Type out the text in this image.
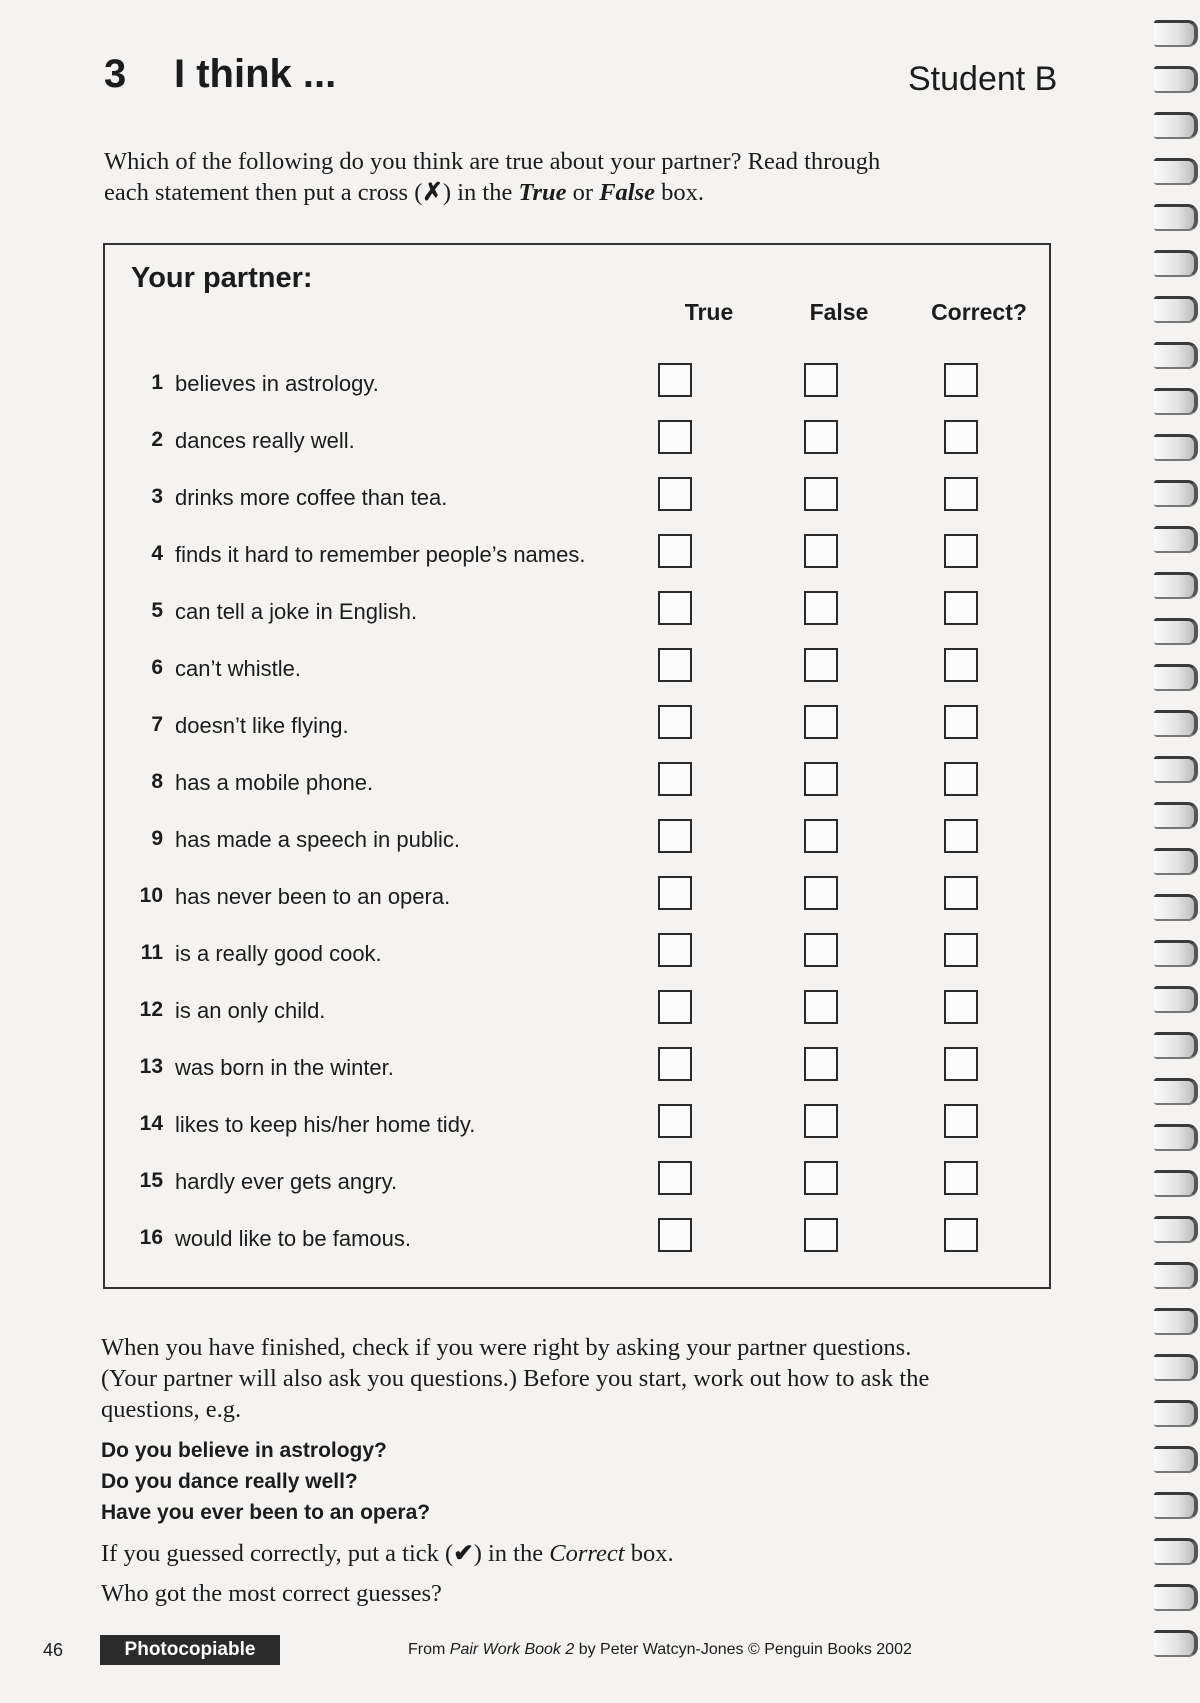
3 I think ...	Student B
Which of the following do you think are true about your partner? Read through
each statement then put a cross (✗) in the True or False box.
Your partner:
True	False	Correct?
1 believes in astrology.
2 dances really well.
3 drinks more coffee than tea.
4 finds it hard to remember people’s names.
5 can tell a joke in English.
6 can’t whistle.
7 doesn’t like flying.
8 has a mobile phone.
9 has made a speech in public.
10 has never been to an opera.
11 is a really good cook.
12 is an only child.
13 was born in the winter.
14 likes to keep his/her home tidy.
15 hardly ever gets angry.
16 would like to be famous.
When you have finished, check if you were right by asking your partner questions.
(Your partner will also ask you questions.) Before you start, work out how to ask the
questions, e.g.
Do you believe in astrology?
Do you dance really well?
Have you ever been to an opera?
If you guessed correctly, put a tick (✔) in the Correct box.
Who got the most correct guesses?
46	Photocopiable	From Pair Work Book 2 by Peter Watcyn-Jones © Penguin Books 2002
